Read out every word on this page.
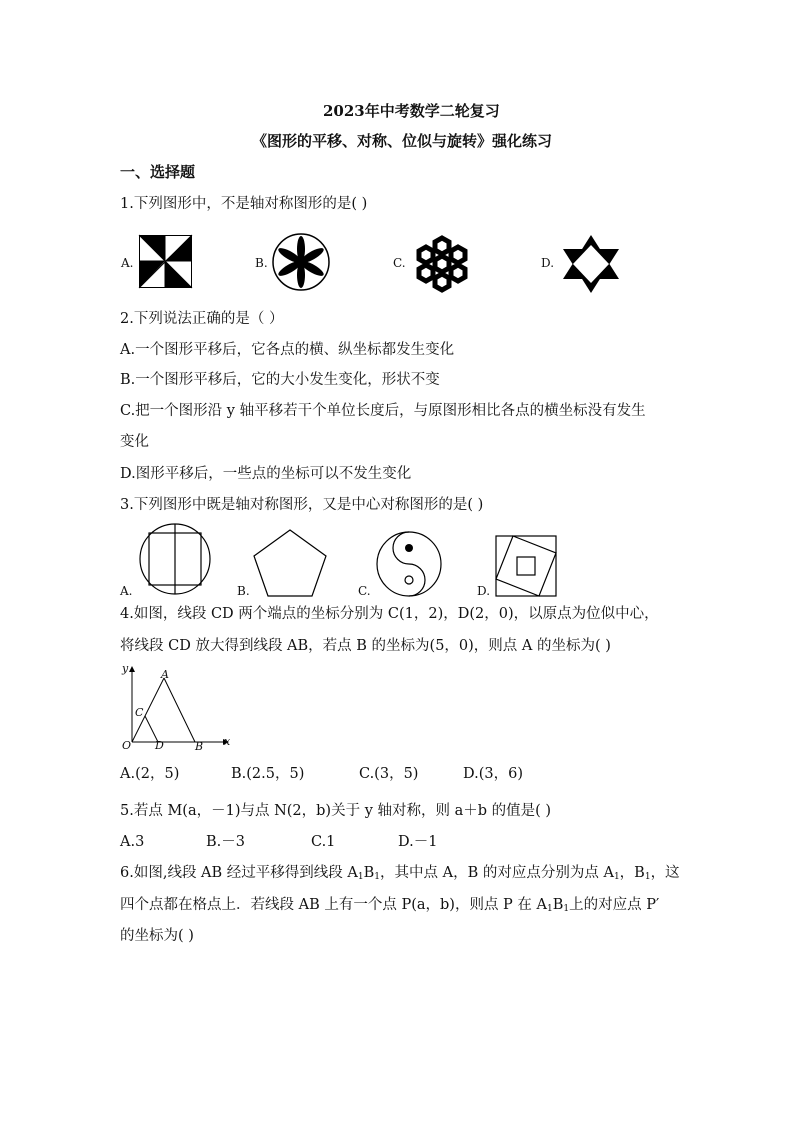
2023年中考数学二轮复习
《图形的平移、对称、位似与旋转》强化练习
一、选择题
1.下列图形中，不是轴对称图形的是( )
A.	B.	C.	D.
2.下列说法正确的是（ ）
A.一个图形平移后，它各点的横、纵坐标都发生变化
B.一个图形平移后，它的大小发生变化，形状不变
C.把一个图形沿 y 轴平移若干个单位长度后，与原图形相比各点的横坐标没有发生
变化
D.图形平移后，一些点的坐标可以不发生变化
3.下列图形中既是轴对称图形，又是中心对称图形的是( )
A.	B.	C.	D.
4.如图，线段 CD 两个端点的坐标分别为 C(1，2)，D(2，0)，以原点为位似中心，
将线段 CD 放大得到线段 AB，若点 B 的坐标为(5，0)，则点 A 的坐标为( )
y
x
O
A
B
C
D
A.(2，5)	B.(2.5，5)	C.(3，5)	D.(3，6)
5.若点 M(a，－1)与点 N(2，b)关于 y 轴对称，则 a＋b 的值是( )
A.3	B.－3	C.1	D.－1
6.如图,线段 AB 经过平移得到线段 $A_1B_1$，其中点 A，B 的对应点分别为点 $A_1$，$B_1$，这
四个点都在格点上．若线段 AB 上有一个点 P(a，b)，则点 P 在 $A_1B_1$上的对应点 P′
的坐标为( )
